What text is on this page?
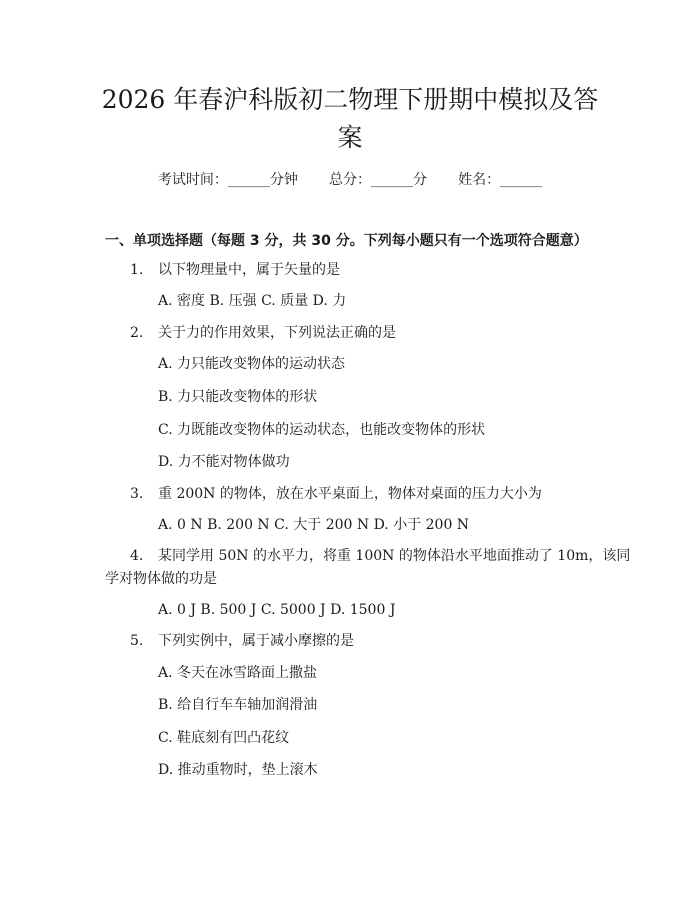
2026 年春沪科版初二物理下册期中模拟及答
案
考试时间：______分钟 总分：______分 姓名：______
一、单项选择题（每题 3 分，共 30 分。下列每小题只有一个选项符合题意）
1. 以下物理量中，属于矢量的是
A. 密度 B. 压强 C. 质量 D. 力
2. 关于力的作用效果，下列说法正确的是
A. 力只能改变物体的运动状态
B. 力只能改变物体的形状
C. 力既能改变物体的运动状态，也能改变物体的形状
D. 力不能对物体做功
3. 重 200N 的物体，放在水平桌面上，物体对桌面的压力大小为
A. 0 N B. 200 N C. 大于 200 N D. 小于 200 N
4. 某同学用 50N 的水平力，将重 100N 的物体沿水平地面推动了 10m，该同
学对物体做的功是
A. 0 J B. 500 J C. 5000 J D. 1500 J
5. 下列实例中，属于减小摩擦的是
A. 冬天在冰雪路面上撒盐
B. 给自行车车轴加润滑油
C. 鞋底刻有凹凸花纹
D. 推动重物时，垫上滚木
